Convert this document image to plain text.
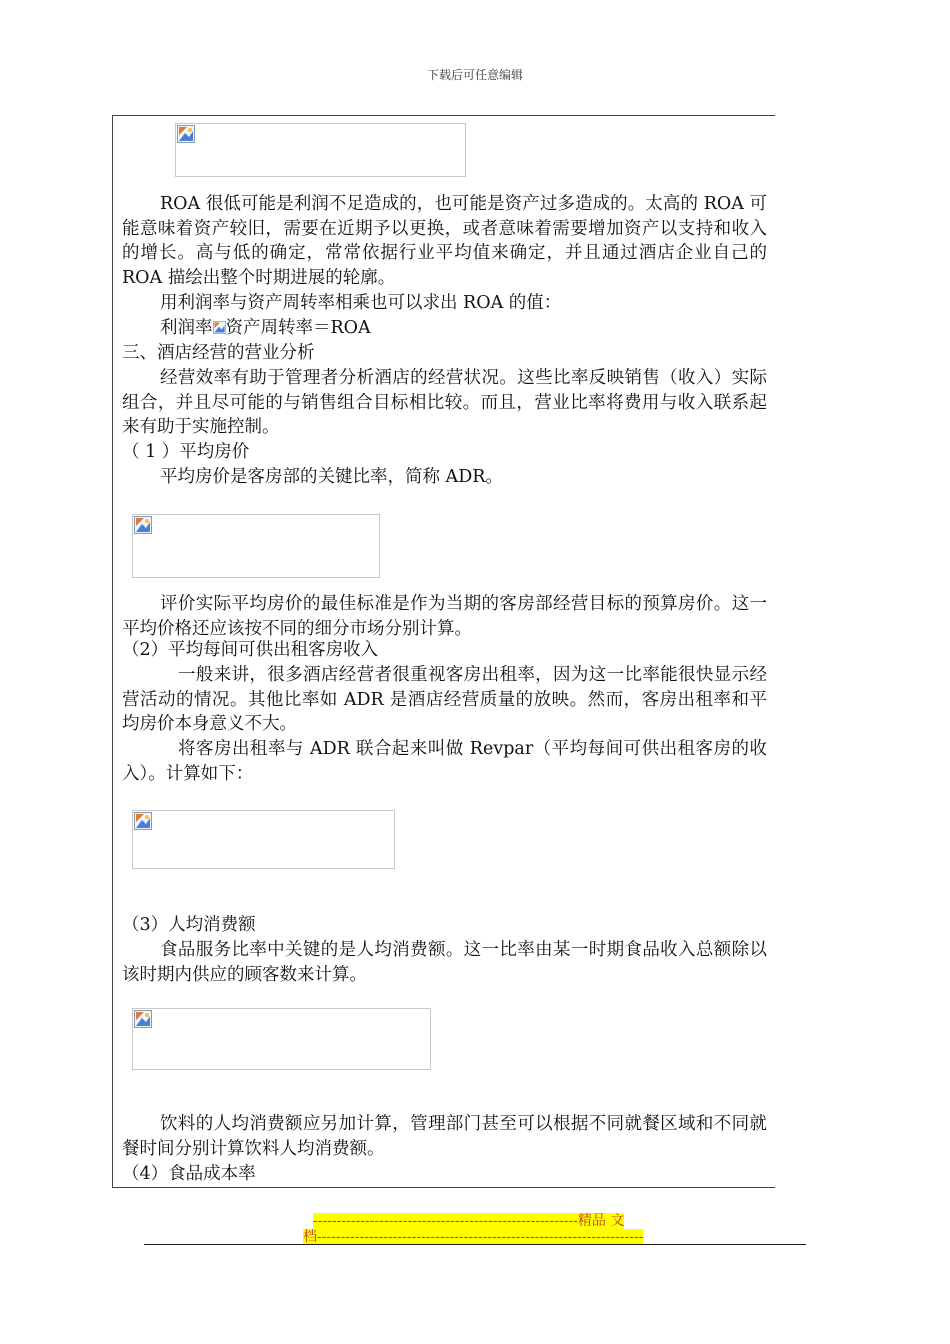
下载后可任意编辑

ROA 很低可能是利润不足造成的，也可能是资产过多造成的。太高的 ROA 可能意味着资产较旧，需要在近期予以更换，或者意味着需要增加资产以支持和收入的增长。高与低的确定，常常依据行业平均值来确定，并且通过酒店企业自己的 ROA 描绘出整个时期进展的轮廓。

用利润率与资产周转率相乘也可以求出 ROA 的值：

利润率 资产周转率＝ROA

三、酒店经营的营业分析

经营效率有助于管理者分析酒店的经营状况。这些比率反映销售（收入）实际组合，并且尽可能的与销售组合目标相比较。而且，营业比率将费用与收入联系起来有助于实施控制。

（ 1 ）平均房价

平均房价是客房部的关键比率，简称 ADR。

评价实际平均房价的最佳标准是作为当期的客房部经营目标的预算房价。这一平均价格还应该按不同的细分市场分别计算。

（2）平均每间可供出租客房收入

一般来讲，很多酒店经营者很重视客房出租率，因为这一比率能很快显示经营活动的情况。其他比率如 ADR 是酒店经营质量的放映。然而，客房出租率和平均房价本身意义不大。

将客房出租率与 ADR 联合起来叫做 Revpar（平均每间可供出租客房的收入）。计算如下：

（3）人均消费额

食品服务比率中关键的是人均消费额。这一比率由某一时期食品收入总额除以该时期内供应的顾客数来计算。

饮料的人均消费额应另加计算，管理部门甚至可以根据不同就餐区域和不同就餐时间分别计算饮料人均消费额。

（4）食品成本率

--------------------------------------------------------精品 文
档---------------------------------------------------------------------
